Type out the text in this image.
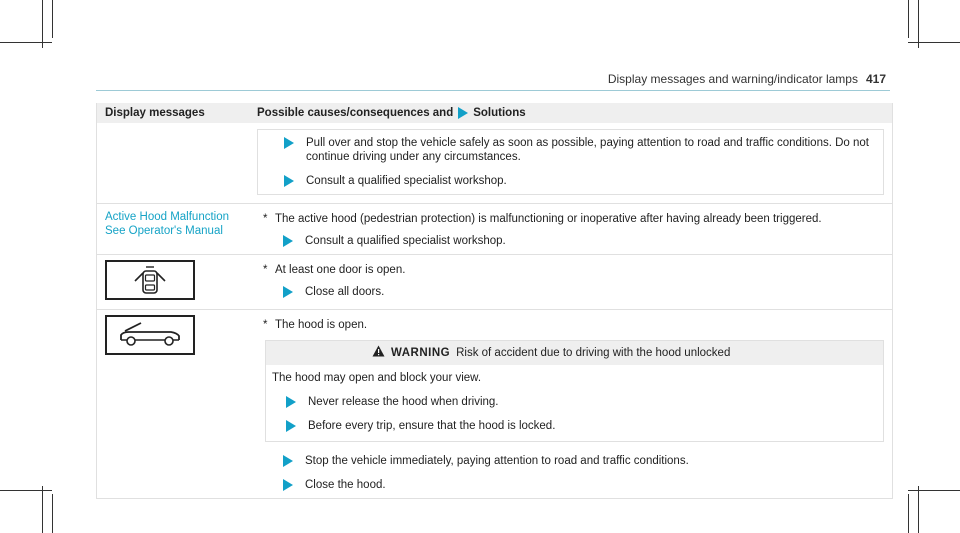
Display messages and warning/indicator lamps 417
Display messages	Possible causes/consequences and Solutions
Pull over and stop the vehicle safely as soon as possible, paying attention to road and traffic conditions. Do not continue driving under any circumstances.
Consult a qualified specialist workshop.
Active Hood Malfunction
See Operator's Manual
* The active hood (pedestrian protection) is malfunctioning or inoperative after having already been triggered.
Consult a qualified specialist workshop.
* At least one door is open.
Close all doors.
* The hood is open.
WARNING Risk of accident due to driving with the hood unlocked
The hood may open and block your view.
Never release the hood when driving.
Before every trip, ensure that the hood is locked.
Stop the vehicle immediately, paying attention to road and traffic conditions.
Close the hood.
